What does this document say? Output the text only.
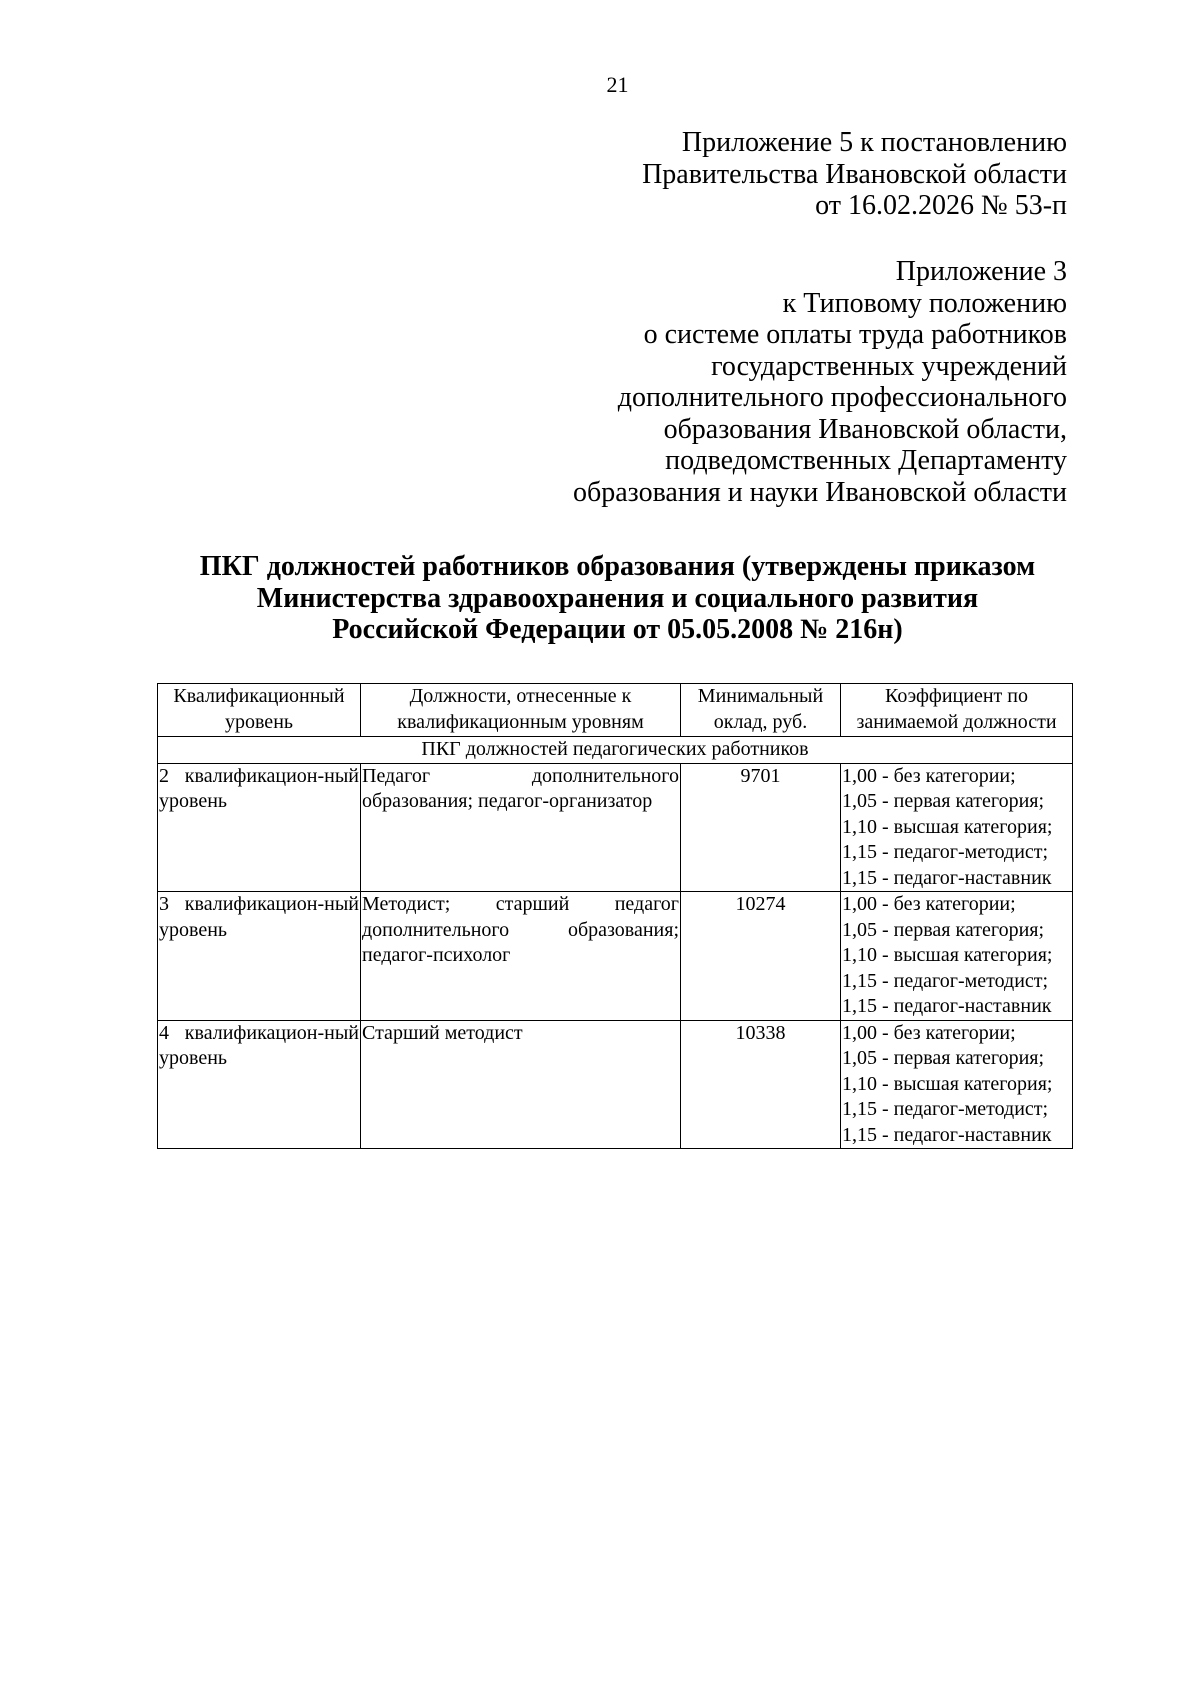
21
Приложение 5 к постановлению
Правительства Ивановской области
от 16.02.2026 № 53-п
Приложение 3
к Типовому положению
о системе оплаты труда работников
государственных учреждений
дополнительного профессионального
образования Ивановской области,
подведомственных Департаменту
образования и науки Ивановской области
ПКГ должностей работников образования (утверждены приказом
Министерства здравоохранения и социального развития
Российской Федерации от 05.05.2008 № 216н)
Квалификационный уровень	Должности, отнесенные к квалификационным уровням	Минимальный оклад, руб.	Коэффициент по занимаемой должности
ПКГ должностей педагогических работников			
2 квалификацион-ный уровень	Педагог дополнительного образования; педагог-организатор	9701	1,00 - без категории;
1,05 - первая категория;
1,10 - высшая категория;
1,15 - педагог-методист;
1,15 - педагог-наставник

3 квалификацион-ный уровень	Методист; старший педагог дополнительного образования; педагог-психолог	10274	1,00 - без категории;
1,05 - первая категория;
1,10 - высшая категория;
1,15 - педагог-методист;
1,15 - педагог-наставник

4 квалификацион-ный уровень	Старший методист	10338	1,00 - без категории;
1,05 - первая категория;
1,10 - высшая категория;
1,15 - педагог-методист;
1,15 - педагог-наставник
